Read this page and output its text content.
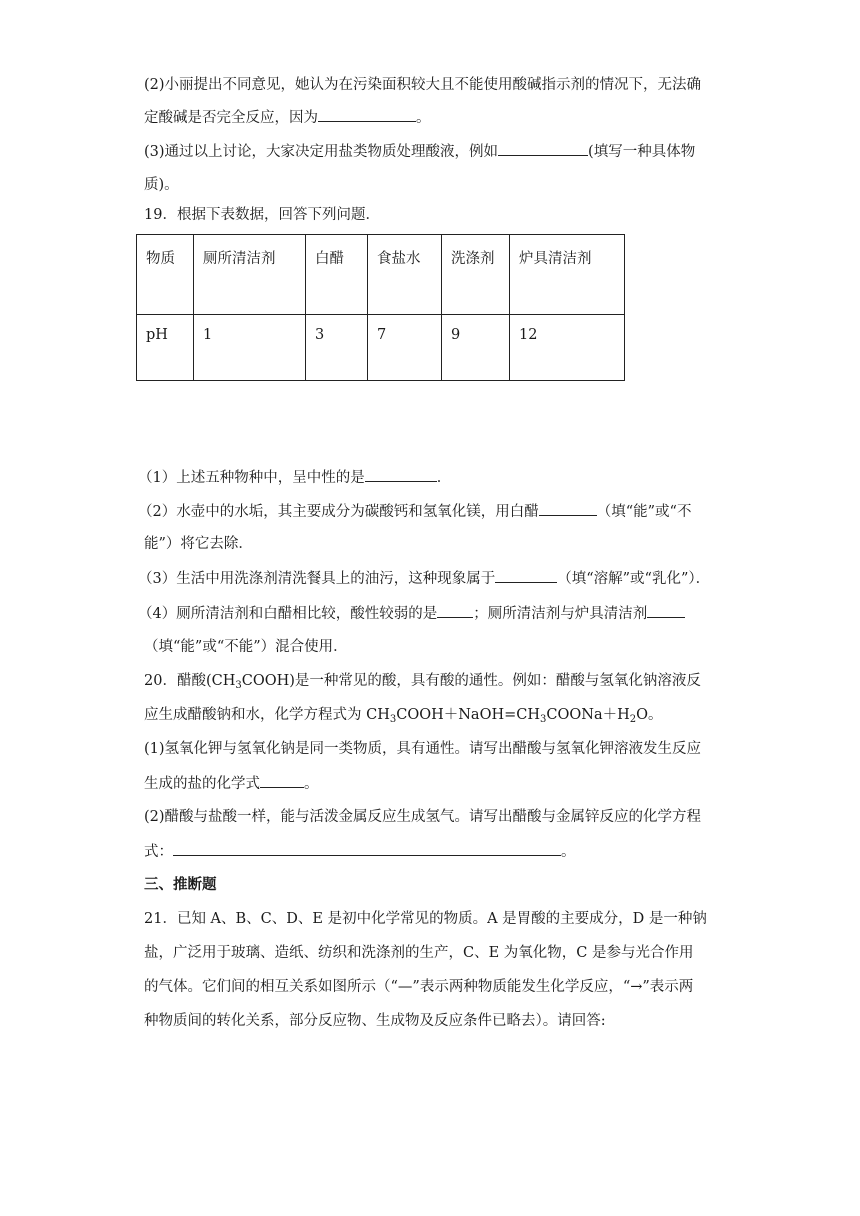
(2)小丽提出不同意见，她认为在污染面积较大且不能使用酸碱指示剂的情况下，无法确
定酸碱是否完全反应，因为	。
(3)通过以上讨论，大家决定用盐类物质处理酸液，例如	(填写一种具体物
质)。
19．根据下表数据，回答下列问题．
物质	厕所清洁剂	白醋	食盐水	洗涤剂	炉具清洁剂
pH	1	3	7	9	12
（1）上述五种物种中，呈中性的是	．
（2）水壶中的水垢，其主要成分为碳酸钙和氢氧化镁，用白醋	（填“能”或“不
能”）将它去除．
（3）生活中用洗涤剂清洗餐具上的油污，这种现象属于	（填“溶解”或“乳化”）．
（4）厕所清洁剂和白醋相比较，酸性较弱的是 ；厕所清洁剂与炉具清洁剂
（填“能”或“不能”）混合使用．
20．醋酸$(CH_3COOH)$是一种常见的酸，具有酸的通性。例如：醋酸与氢氧化钠溶液反
应生成醋酸钠和水，化学方程式为 $CH_3COOH+NaOH=CH_3COONa+H_2O$。
(1)氢氧化钾与氢氧化钠是同一类物质，具有通性。请写出醋酸与氢氧化钾溶液发生反应
生成的盐的化学式	。
(2)醋酸与盐酸一样，能与活泼金属反应生成氢气。请写出醋酸与金属锌反应的化学方程
式：	。
三、推断题
21．已知 A、B、C、D、E 是初中化学常见的物质。A 是胃酸的主要成分，D 是一种钠
盐，广泛用于玻璃、造纸、纺织和洗涤剂的生产，C、E 为氧化物，C 是参与光合作用
的气体。它们间的相互关系如图所示（“—”表示两种物质能发生化学反应，“→”表示两
种物质间的转化关系，部分反应物、生成物及反应条件已略去）。请回答:
